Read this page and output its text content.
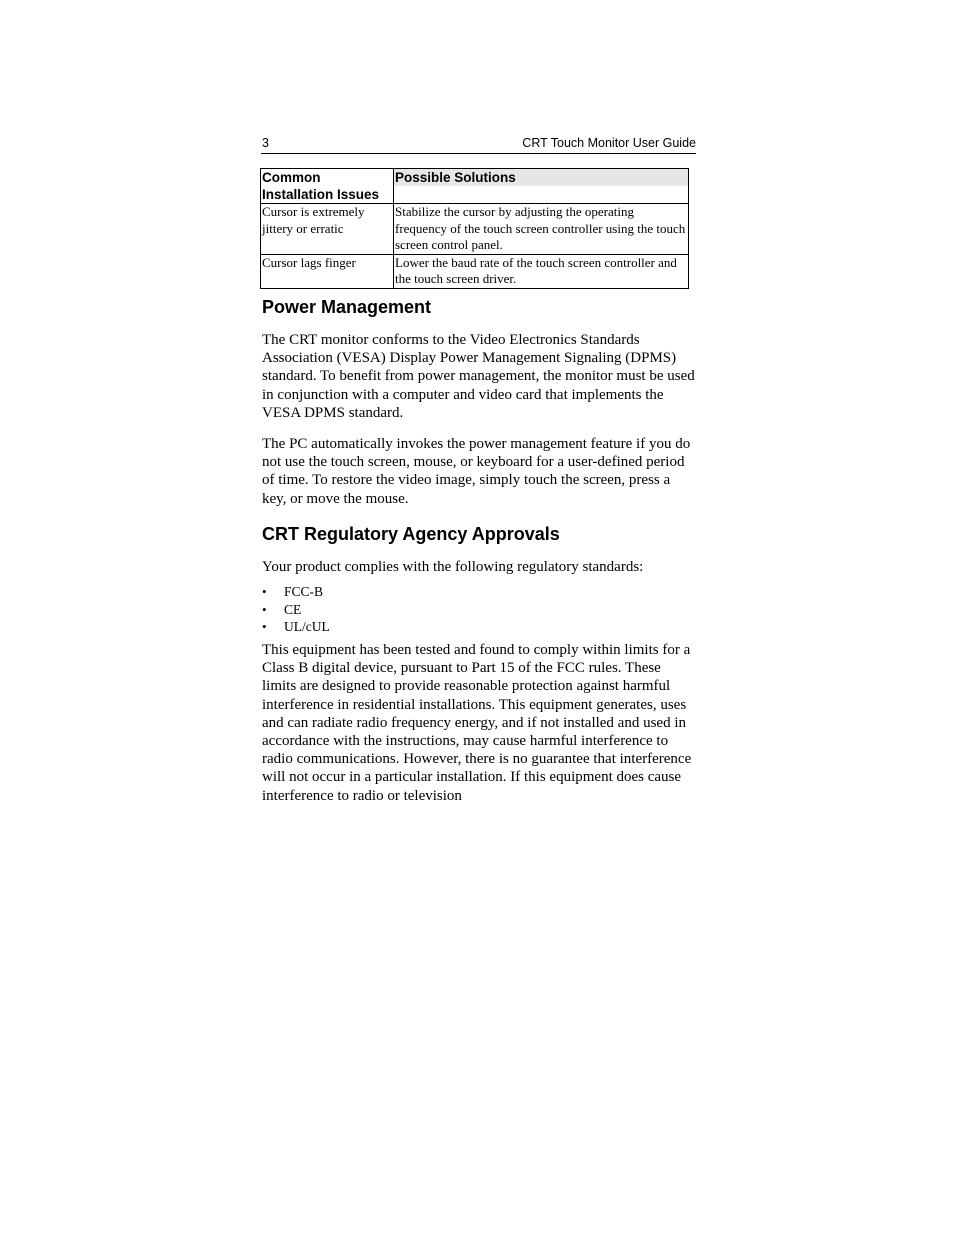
3	CRT Touch Monitor User Guide
Common Installation Issues	Possible Solutions
Cursor is extremely jittery or erratic	Stabilize the cursor by adjusting the operating frequency of the touch screen controller using the touch screen control panel.
Cursor lags finger	Lower the baud rate of the touch screen controller and the touch screen driver.
Power Management

The CRT monitor conforms to the Video Electronics Standards Association (VESA) Display Power Management Signaling (DPMS) standard. To benefit from power management, the monitor must be used in conjunction with a computer and video card that implements the VESA DPMS standard.

The PC automatically invokes the power management feature if you do not use the touch screen, mouse, or keyboard for a user-defined period of time. To restore the video image, simply touch the screen, press a key, or move the mouse.

CRT Regulatory Agency Approvals

Your product complies with the following regulatory standards:

• FCC-B
• CE
• UL/cUL

This equipment has been tested and found to comply within limits for a Class B digital device, pursuant to Part 15 of the FCC rules. These limits are designed to provide reasonable protection against harmful interference in residential installations. This equipment generates, uses and can radiate radio frequency energy, and if not installed and used in accordance with the instructions, may cause harmful interference to radio communications. However, there is no guarantee that interference will not occur in a particular installation. If this equipment does cause interference to radio or television
